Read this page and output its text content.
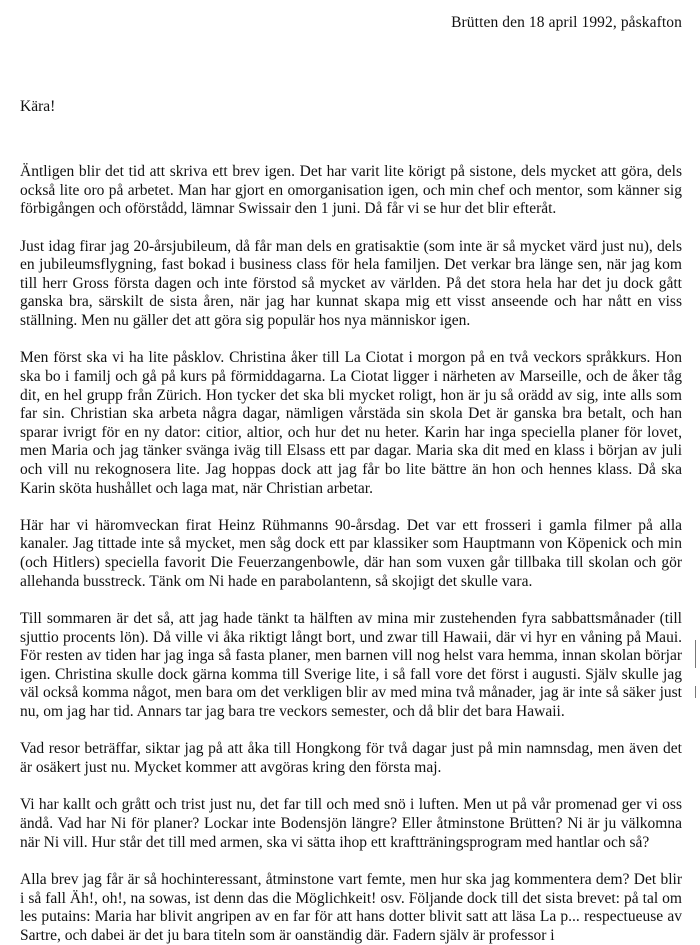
Brütten den 18 april 1992, påskafton
Kära!

Äntligen blir det tid att skriva ett brev igen. Det har varit lite körigt på sistone, dels mycket att göra, dels också lite oro på arbetet. Man har gjort en omorganisation igen, och min chef och mentor, som känner sig förbigången och oförstådd, lämnar Swissair den 1 juni. Då får vi se hur det blir efteråt.

Just idag firar jag 20-årsjubileum, då får man dels en gratisaktie (som inte är så mycket värd just nu), dels en jubileumsflygning, fast bokad i business class för hela familjen. Det verkar bra länge sen, när jag kom till herr Gross första dagen och inte förstod så mycket av världen. På det stora hela har det ju dock gått ganska bra, särskilt de sista åren, när jag har kunnat skapa mig ett visst anseende och har nått en viss ställning. Men nu gäller det att göra sig populär hos nya människor igen.

Men först ska vi ha lite påsklov. Christina åker till La Ciotat i morgon på en två veckors språkkurs. Hon ska bo i familj och gå på kurs på förmiddagarna. La Ciotat ligger i närheten av Marseille, och de åker tåg dit, en hel grupp från Zürich. Hon tycker det ska bli mycket roligt, hon är ju så orädd av sig, inte alls som far sin. Christian ska arbeta några dagar, nämligen vårstäda sin skola Det är ganska bra betalt, och han sparar ivrigt för en ny dator: citior, altior, och hur det nu heter. Karin har inga speciella planer för lovet, men Maria och jag tänker svänga iväg till Elsass ett par dagar. Maria ska dit med en klass i början av juli och vill nu rekognosera lite. Jag hoppas dock att jag får bo lite bättre än hon och hennes klass. Då ska Karin sköta hushållet och laga mat, när Christian arbetar.

Här har vi häromveckan firat Heinz Rühmanns 90-årsdag. Det var ett frosseri i gamla filmer på alla kanaler. Jag tittade inte så mycket, men såg dock ett par klassiker som Hauptmann von Köpenick och min (och Hitlers) speciella favorit Die Feuerzangenbowle, där han som vuxen går tillbaka till skolan och gör allehanda busstreck. Tänk om Ni hade en parabolantenn, så skojigt det skulle vara.

Till sommaren är det så, att jag hade tänkt ta hälften av mina mir zustehenden fyra sabbattsmånader (till sjuttio procents lön). Då ville vi åka riktigt långt bort, und zwar till Hawaii, där vi hyr en våning på Maui. För resten av tiden har jag inga så fasta planer, men barnen vill nog helst vara hemma, innan skolan börjar igen. Christina skulle dock gärna komma till Sverige lite, i så fall vore det först i augusti. Själv skulle jag väl också komma något, men bara om det verkligen blir av med mina två månader, jag är inte så säker just nu, om jag har tid. Annars tar jag bara tre veckors semester, och då blir det bara Hawaii.

Vad resor beträffar, siktar jag på att åka till Hongkong för två dagar just på min namnsdag, men även det är osäkert just nu. Mycket kommer att avgöras kring den första maj.

Vi har kallt och grått och trist just nu, det far till och med snö i luften. Men ut på vår promenad ger vi oss ändå. Vad har Ni för planer? Lockar inte Bodensjön längre? Eller åtminstone Brütten? Ni är ju välkomna när Ni vill. Hur står det till med armen, ska vi sätta ihop ett kraftträningsprogram med hantlar och så?

Alla brev jag får är så hochinteressant, åtminstone vart femte, men hur ska jag kommentera dem? Det blir i så fall Äh!, oh!, na sowas, ist denn das die Möglichkeit! osv. Följande dock till det sista brevet: på tal om les putains: Maria har blivit angripen av en far för att hans dotter blivit satt att läsa La p... respectueuse av Sartre, och dabei är det ju bara titeln som är oanständig där. Fadern själv är professor i
